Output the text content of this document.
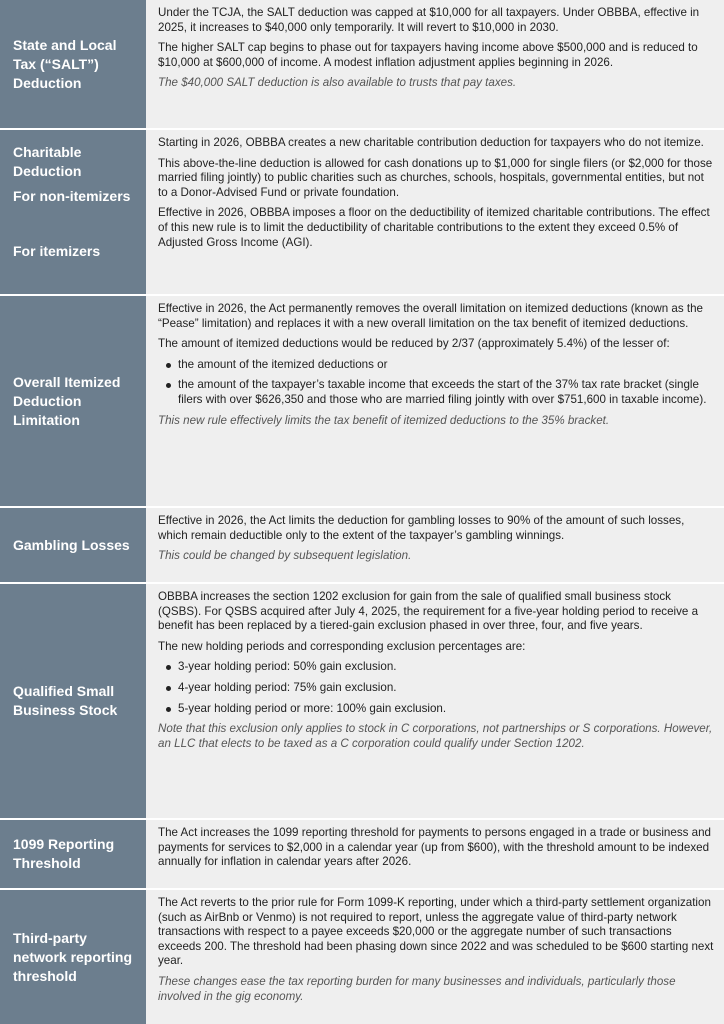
State and Local Tax (“SALT”) Deduction

Under the TCJA, the SALT deduction was capped at $10,000 for all taxpayers. Under OBBBA, effective in 2025, it increases to $40,000 only temporarily. It will revert to $10,000 in 2030.

The higher SALT cap begins to phase out for taxpayers having income above $500,000 and is reduced to $10,000 at $600,000 of income. A modest inflation adjustment applies beginning in 2026.

The $40,000 SALT deduction is also available to trusts that pay taxes.

Charitable Deduction
For non-itemizers
For itemizers

Starting in 2026, OBBBA creates a new charitable contribution deduction for taxpayers who do not itemize.

This above-the-line deduction is allowed for cash donations up to $1,000 for single filers (or $2,000 for those married filing jointly) to public charities such as churches, schools, hospitals, governmental entities, but not to a Donor-Advised Fund or private foundation.

Effective in 2026, OBBBA imposes a floor on the deductibility of itemized charitable contributions. The effect of this new rule is to limit the deductibility of charitable contributions to the extent they exceed 0.5% of Adjusted Gross Income (AGI).

Overall Itemized Deduction Limitation

Effective in 2026, the Act permanently removes the overall limitation on itemized deductions (known as the “Pease” limitation) and replaces it with a new overall limitation on the tax benefit of itemized deductions.

The amount of itemized deductions would be reduced by 2/37 (approximately 5.4%) of the lesser of:

the amount of the itemized deductions or
the amount of the taxpayer’s taxable income that exceeds the start of the 37% tax rate bracket (single filers with over $626,350 and those who are married filing jointly with over $751,600 in taxable income).

This new rule effectively limits the tax benefit of itemized deductions to the 35% bracket.

Gambling Losses

Effective in 2026, the Act limits the deduction for gambling losses to 90% of the amount of such losses, which remain deductible only to the extent of the taxpayer’s gambling winnings.

This could be changed by subsequent legislation.

Qualified Small Business Stock

OBBBA increases the section 1202 exclusion for gain from the sale of qualified small business stock (QSBS). For QSBS acquired after July 4, 2025, the requirement for a five-year holding period to receive a benefit has been replaced by a tiered-gain exclusion phased in over three, four, and five years.

The new holding periods and corresponding exclusion percentages are:

3-year holding period: 50% gain exclusion.
4-year holding period: 75% gain exclusion.
5-year holding period or more: 100% gain exclusion.

Note that this exclusion only applies to stock in C corporations, not partnerships or S corporations. However, an LLC that elects to be taxed as a C corporation could qualify under Section 1202.

1099 Reporting Threshold

The Act increases the 1099 reporting threshold for payments to persons engaged in a trade or business and payments for services to $2,000 in a calendar year (up from $600), with the threshold amount to be indexed annually for inflation in calendar years after 2026.

Third-party network reporting threshold

The Act reverts to the prior rule for Form 1099-K reporting, under which a third-party settlement organization (such as AirBnb or Venmo) is not required to report, unless the aggregate value of third-party network transactions with respect to a payee exceeds $20,000 or the aggregate number of such transactions exceeds 200. The threshold had been phasing down since 2022 and was scheduled to be $600 starting next year.

These changes ease the tax reporting burden for many businesses and individuals, particularly those involved in the gig economy.
